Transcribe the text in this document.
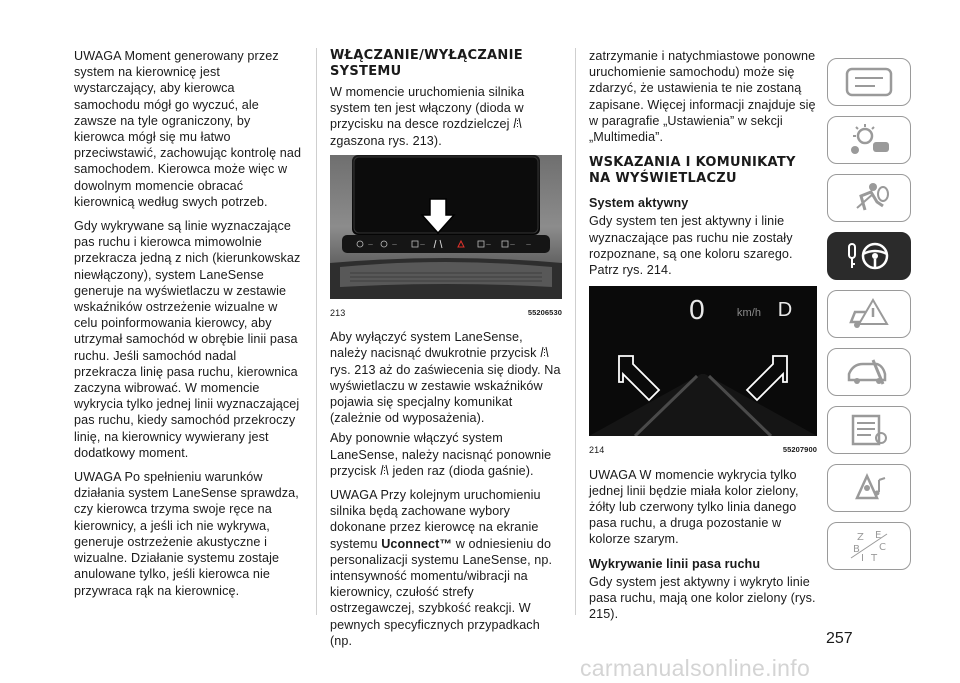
UWAGA Moment generowany przez system na kierownicę jest wystarczający, aby kierowca samochodu mógł go wyczuć, ale zawsze na tyle ograniczony, by kierowca mógł się mu łatwo przeciwstawić, zachowując kontrolę nad samochodem. Kierowca może więc w dowolnym momencie obracać kierownicą według swych potrzeb.

Gdy wykrywane są linie wyznaczające pas ruchu i kierowca mimowolnie przekracza jedną z nich (kierunkowskaz niewłączony), system LaneSense generuje na wyświetlaczu w zestawie wskaźników ostrzeżenie wizualne w celu poinformowania kierowcy, aby utrzymał samochód w obrębie linii pasa ruchu. Jeśli samochód nadal przekracza linię pasa ruchu, kierownica zaczyna wibrować. W momencie wykrycia tylko jednej linii wyznaczającej pas ruchu, kiedy samochód przekroczy linię, na kierownicy wywierany jest dodatkowy moment.

UWAGA Po spełnieniu warunków działania system LaneSense sprawdza, czy kierowca trzyma swoje ręce na kierownicy, a jeśli ich nie wykrywa, generuje ostrzeżenie akustyczne i wizualne. Działanie systemu zostaje anulowane tylko, jeśli kierowca nie przywraca rąk na kierownicę.

WŁĄCZANIE/WYŁĄCZANIE SYSTEMU

W momencie uruchomienia silnika system ten jest włączony (dioda w przycisku na desce rozdzielczej  zgaszona rys. 213).

—	—	—	—	— —
213	55206530

Aby wyłączyć system LaneSense, należy nacisnąć dwukrotnie przycisk  rys. 213 aż do zaświecenia się diody. Na wyświetlaczu w zestawie wskaźników pojawia się specjalny komunikat (zależnie od wyposażenia).

Aby ponownie włączyć system LaneSense, należy nacisnąć ponownie przycisk jeden raz (dioda gaśnie).

UWAGA Przy kolejnym uruchomieniu silnika będą zachowane wybory dokonane przez kierowcę na ekranie systemu Uconnect™ w odniesieniu do personalizacji systemu LaneSense, np. intensywność momentu/wibracji na kierownicy, czułość strefy ostrzegawczej, szybkość reakcji. W pewnych specyficznych przypadkach (np.

zatrzymanie i natychmiastowe ponowne uruchomienie samochodu) może się zdarzyć, że ustawienia te nie zostaną zapisane. Więcej informacji znajduje się w paragrafie „Ustawienia” w sekcji „Multimedia”.

WSKAZANIA I KOMUNIKATY NA WYŚWIETLACZU
System aktywny

Gdy system ten jest aktywny i linie wyznaczające pas ruchu nie zostały rozpoznane, są one koloru szarego. Patrz rys. 214.

0	km/h D
214	55207900

UWAGA W momencie wykrycia tylko jednej linii będzie miała kolor zielony, żółty lub czerwony tylko linia danego pasa ruchu, a druga pozostanie w kolorze szarym.

Wykrywanie linii pasa ruchu

Gdy system jest aktywny i wykryto linie pasa ruchu, mają one kolor zielony (rys. 215).

Z E
B C
I T
257
carmanualsonline.info
